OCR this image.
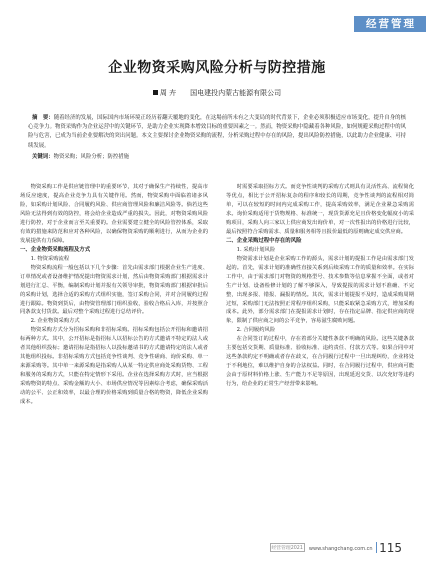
经营管理
企业物资采购风险分析与防控措施
周 卉 国电建投内蒙古能源有限公司
摘　要：随着经济的发展，国际国内市场环境正经历着翻天覆地的变化，在这場前所未有之大变局的时代背景下，企业必须积极适应市场变化，提升自身的核心竞争力。物资采购作为企业运营中的关键环节，是助力企业实现降本增效目标的重要因素之一。然而，物资采购中隐藏着各种风险，如何规避采购过程中的风险与危害，已成为当前企业要解决的突出问题。本文主要探讨企业物资采购的流程，分析采购过程中存在的风险，提出风险防控措施，以此助力企业健康、可持续发展。
关键词：物资采购；风险分析；防控措施

物资采购工作是供应链管理中的重要环节，其对于确保生产持续性，提高市场反应速度，提高企业竞争力具有关键作用。然而，物资采购中面临着诸多风险，如采购计划风险、合同履约风险、供应商管理风险和廉洁风险等。倘若这些风险无法得到有效的防控，将会给企业造成严重的损失。因此，对物资采购风险进行防控，对于企业而言至关重要的。企业需要建立健全的风险管控体系，采取有效的措施来防范和应对各种风险，以确保物资采购的顺利进行，从而为企业的发展提供有力保障。

一、企业物资采购流程及方式
1. 物资采购流程

物资采购流程一般包括以下几个步骤：首先由需求部门根据企业生产进度、订单情况或者设备维护情况提出物资需求计划，然后由物资采购部门根据需求计划进行汇总、平衡，编制采购计划并报有关领导审批，物资采购部门根据审批后的采购计划，选择合适的采购方式组织实施，签订采购合同，并对合同履约过程进行跟踪。物资到货后，由物资管理部门组织验收，验收合格后入库，并按照合同条款支付货款。最后对整个采购过程进行总结评价。

2. 企业物资采购方式

物资采购方式分为招标采购和非招标采购。招标采购包括公开招标和邀请招标两种方式。其中，公开招标是指招标人以招标公告的方式邀请不特定的法人或者其他组织投标；邀请招标是指招标人以投标邀请书的方式邀请特定的法人或者其他组织投标。非招标采购方式包括竞争性谈判、竞争性磋商、询价采购、单一来源采购等。其中单一来源采购是指采购人从某一特定供应商处采购货物、工程和服务的采购方式，只能在特定情形下采用。企业在选择采购方式时，应当根据采购物资的特点、采购金额的大小、市场供应情况等因素综合考虑，确保采购活动的公平、公正和效率，以最合理的价格采购到质量合格的物资，降低企业采购成本。

时需要采取招标方式。而竞争性谈判的采购方式则具有灵活性高、流程简化等优点，相比于公开招标复杂的程序和较长的周期，竞争性谈判的流程相对简单，可以在较短的时间内完成采购工作，提高采购效率，满足企业紧急采购需求。询价采购适用于货物规格、标准统一，现货货源充足且价格变化幅度小的采购项目，采购人向三家以上供应商发出询价单，对一次性报出的价格进行比较，最后按照符合采购需求、质量和服务相等且报价最低的原则确定成交供应商。

二、企业采购过程中存在的风险
1. 采购计划风险

物资需求计划是企业采购工作的源头，需求计划的提报工作是由需求部门发起的。首先，需求计划的准确性直接关系到后续采购工作的质量和效率。在实际工作中，由于需求部门对物资的规格型号、技术参数等信息掌握不全面，或者对生产计划、设备检修计划的了解不够深入，导致提报的需求计划不准确、不完整，出现多报、错报、漏报的情况。其次，需求计划提报不及时，造成采购周期过短，采购部门无法按照正常程序组织采购，只能采取紧急采购方式，增加采购成本。此外，部分需求部门在提报需求计划时，存在指定品牌、指定供应商的现象，限制了供应商之间的公平竞争，容易滋生腐败问题。

2. 合同履约风险

在合同签订的过程中，存在着部分关键性条款不明确的风险。这些关键条款主要包括交货期、质量标准、验收标准、违约责任、付款方式等。如果合同中对这些条款约定不明确或者存在歧义，在合同履行过程中一旦出现纠纷，企业将处于不利地位，难以维护自身的合法权益。同时，在合同履行过程中，供应商可能会由于原材料价格上涨、生产能力不足等原因，出现延迟交货、以次充好等违约行为，给企业的正常生产经营带来影响。

经营管理2021 www.shangchang.com.cn 115
